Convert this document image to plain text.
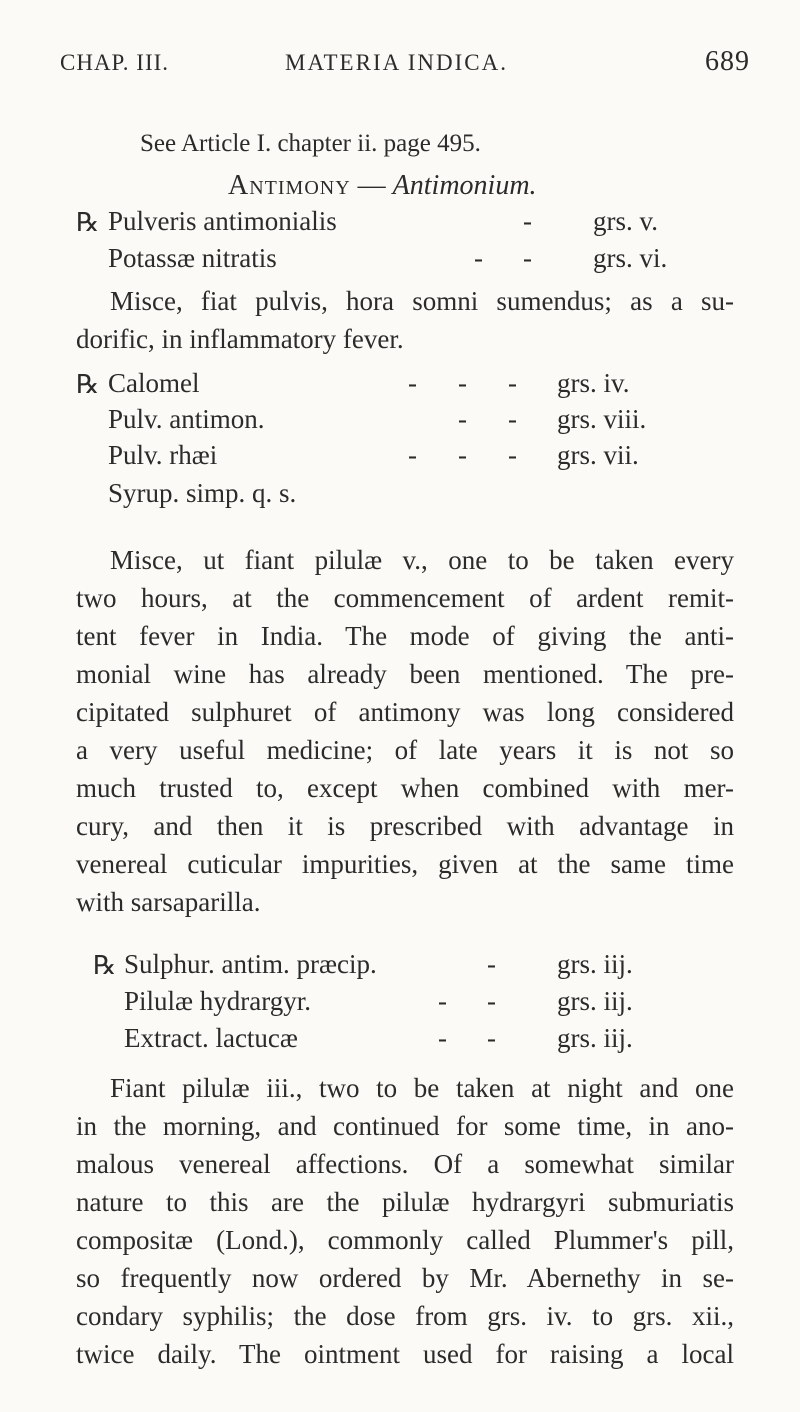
CHAP. III.	MATERIA INDICA.	689
See Article I. chapter ii. page 495.
Antimony — Antimonium.
℞ Pulveris antimonialis	- grs. v.
Potassæ nitratis	- - grs. vi.
Misce, fiat pulvis, hora somni sumendus; as a su-
dorific, in inflammatory fever.
℞ Calomel	- - - grs. iv.
Pulv. antimon.	- - grs. viii.
Pulv. rhæi	- - - grs. vii.
Syrup. simp. q. s.
Misce, ut fiant pilulæ v., one to be taken every
two hours, at the commencement of ardent remit-
tent fever in India. The mode of giving the anti-
monial wine has already been mentioned. The pre-
cipitated sulphuret of antimony was long considered
a very useful medicine; of late years it is not so
much trusted to, except when combined with mer-
cury, and then it is prescribed with advantage in
venereal cuticular impurities, given at the same time
with sarsaparilla.
℞ Sulphur. antim. præcip.	- grs. iij.
Pilulæ hydrargyr.	- - grs. iij.
Extract. lactucæ	- - grs. iij.
Fiant pilulæ iii., two to be taken at night and one
in the morning, and continued for some time, in ano-
malous venereal affections. Of a somewhat similar
nature to this are the pilulæ hydrargyri submuriatis
compositæ (Lond.), commonly called Plummer's pill,
so frequently now ordered by Mr. Abernethy in se-
condary syphilis; the dose from grs. iv. to grs. xii.,
twice daily. The ointment used for raising a local
